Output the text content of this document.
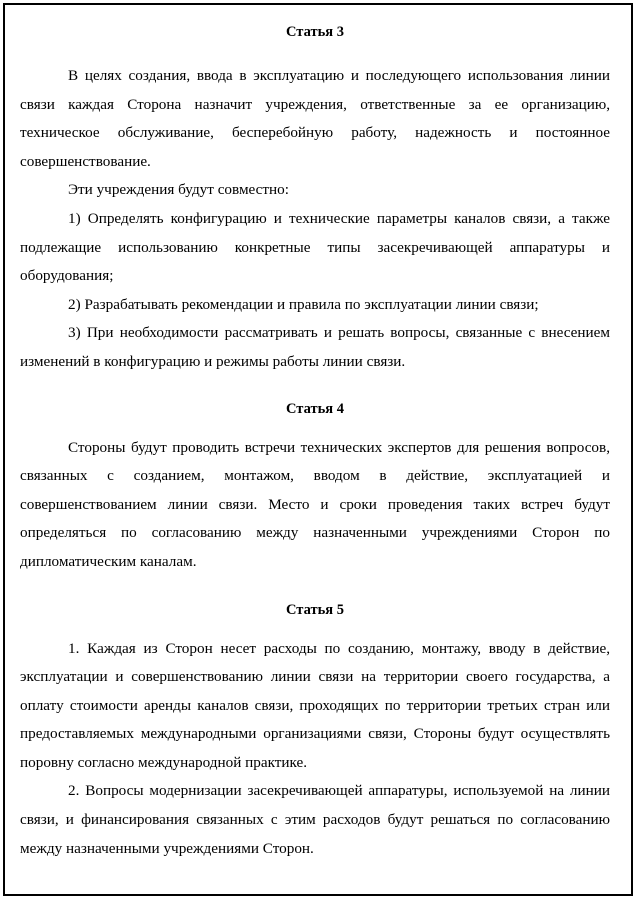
Статья 3

В целях создания, ввода в эксплуатацию и последующего использования линии связи каждая Сторона назначит учреждения, ответственные за ее организацию, техническое обслуживание, бесперебойную работу, надежность и постоянное совершенствование.

Эти учреждения будут совместно:

1) Определять конфигурацию и технические параметры каналов связи, а также подлежащие использованию конкретные типы засекречивающей аппаратуры и оборудования;

2) Разрабатывать рекомендации и правила по эксплуатации линии связи;

3) При необходимости рассматривать и решать вопросы, связанные с внесением изменений в конфигурацию и режимы работы линии связи.

Статья 4

Стороны будут проводить встречи технических экспертов для решения вопросов, связанных с созданием, монтажом, вводом в действие, эксплуатацией и совершенствованием линии связи. Место и сроки проведения таких встреч будут определяться по согласованию между назначенными учреждениями Сторон по дипломатическим каналам.

Статья 5

1. Каждая из Сторон несет расходы по созданию, монтажу, вводу в действие, эксплуатации и совершенствованию линии связи на территории своего государства, а оплату стоимости аренды каналов связи, проходящих по территории третьих стран или предоставляемых международными организациями связи, Стороны будут осуществлять поровну согласно международной практике.

2. Вопросы модернизации засекречивающей аппаратуры, используемой на линии связи, и финансирования связанных с этим расходов будут решаться по согласованию между назначенными учреждениями Сторон.
